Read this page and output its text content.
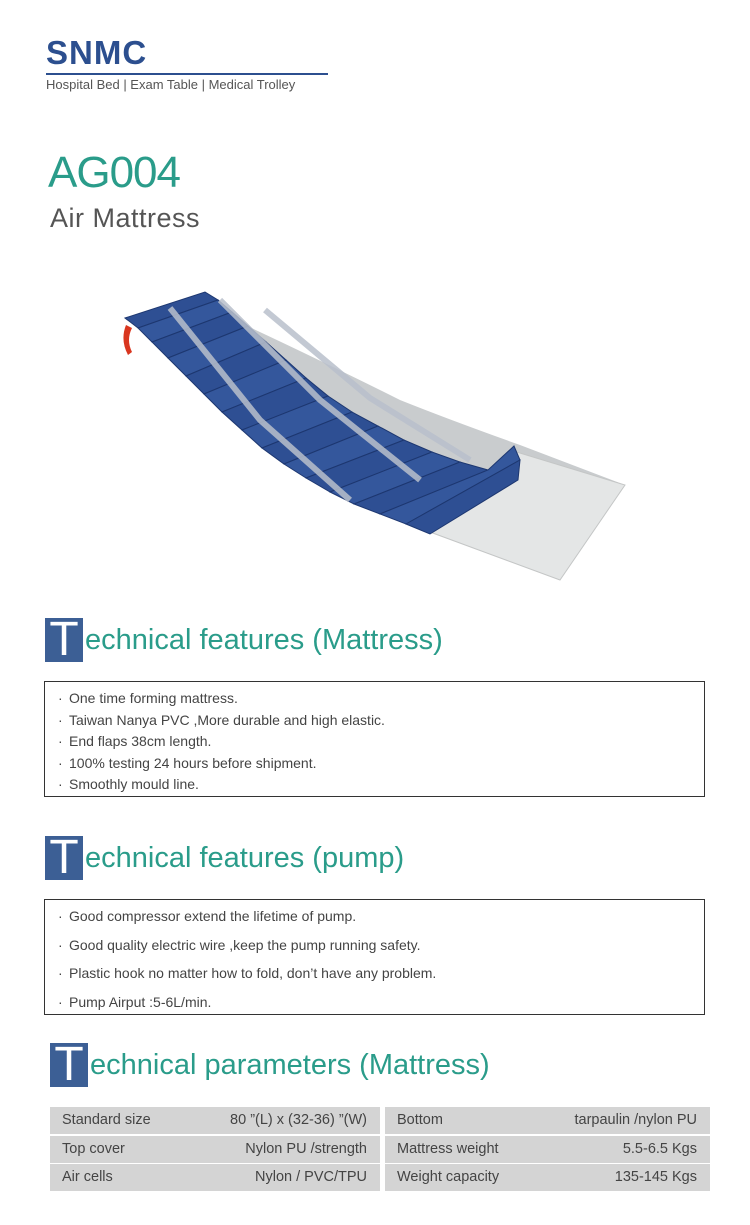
SNMC
Hospital Bed | Exam Table | Medical Trolley
AG004
Air Mattress
T echnical features (Mattress)
· One time forming mattress.
· Taiwan Nanya PVC ,More durable and high elastic.
· End flaps 38cm length.
· 100% testing 24 hours before shipment.
· Smoothly mould line.
T echnical features (pump)
· Good compressor extend the lifetime of pump.
· Good quality electric wire ,keep the pump running safety.
· Plastic hook no matter how to fold, don’t have any problem.
· Pump Airput :5-6L/min.
T echnical parameters (Mattress)
Standard size	80 ”(L) x (32-36) ”(W) Bottom	tarpaulin /nylon PU
Top cover	Nylon PU /strength Mattress weight	5.5-6.5 Kgs
Air cells	Nylon / PVC/TPU Weight capacity	135-145 Kgs
